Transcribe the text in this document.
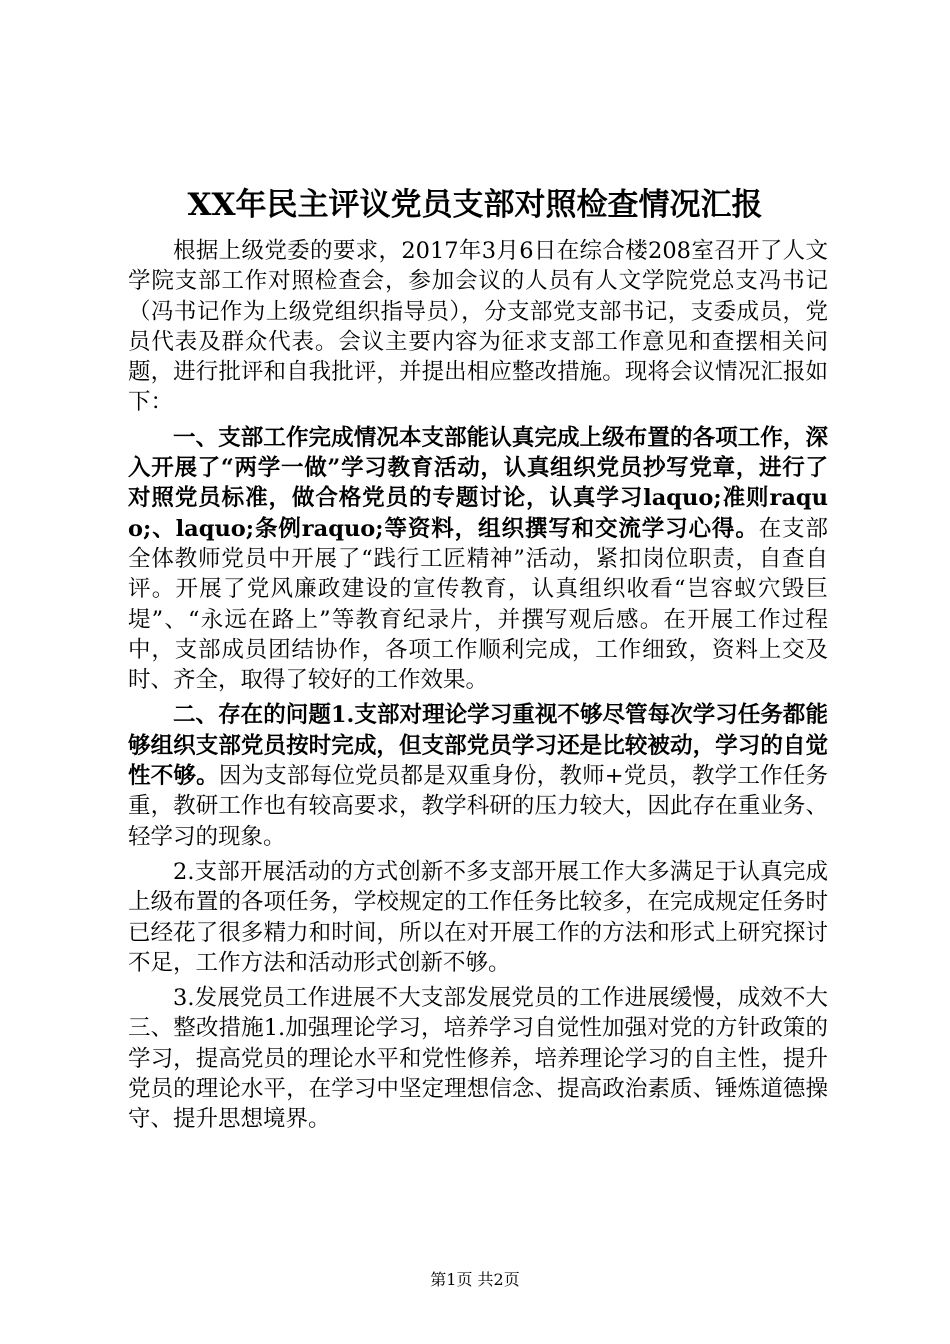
XX年民主评议党员支部对照检查情况汇报

根据上级党委的要求，2017年3月6日在综合楼208室召开了人文学院支部工作对照检查会，参加会议的人员有人文学院党总支冯书记（冯书记作为上级党组织指导员），分支部党支部书记，支委成员，党员代表及群众代表。会议主要内容为征求支部工作意见和查摆相关问题，进行批评和自我批评，并提出相应整改措施。现将会议情况汇报如下：

一、支部工作完成情况本支部能认真完成上级布置的各项工作，深入开展了“两学一做”学习教育活动，认真组织党员抄写党章，进行了对照党员标准，做合格党员的专题讨论，认真学习laquo;准则raquo;、laquo;条例raquo;等资料，组织撰写和交流学习心得。在支部全体教师党员中开展了“践行工匠精神”活动，紧扣岗位职责，自查自评。开展了党风廉政建设的宣传教育，认真组织收看“岂容蚁穴毁巨堤”、“永远在路上”等教育纪录片，并撰写观后感。在开展工作过程中，支部成员团结协作，各项工作顺利完成，工作细致，资料上交及时、齐全，取得了较好的工作效果。

二、存在的问题1.支部对理论学习重视不够尽管每次学习任务都能够组织支部党员按时完成，但支部党员学习还是比较被动，学习的自觉性不够。因为支部每位党员都是双重身份，教师+党员，教学工作任务重，教研工作也有较高要求，教学科研的压力较大，因此存在重业务、轻学习的现象。

2.支部开展活动的方式创新不多支部开展工作大多满足于认真完成上级布置的各项任务，学校规定的工作任务比较多，在完成规定任务时已经花了很多精力和时间，所以在对开展工作的方法和形式上研究探讨不足，工作方法和活动形式创新不够。

3.发展党员工作进展不大支部发展党员的工作进展缓慢，成效不大三、整改措施1.加强理论学习，培养学习自觉性加强对党的方针政策的学习，提高党员的理论水平和党性修养，培养理论学习的自主性，提升党员的理论水平，在学习中坚定理想信念、提高政治素质、锤炼道德操守、提升思想境界。

第1页 共2页
